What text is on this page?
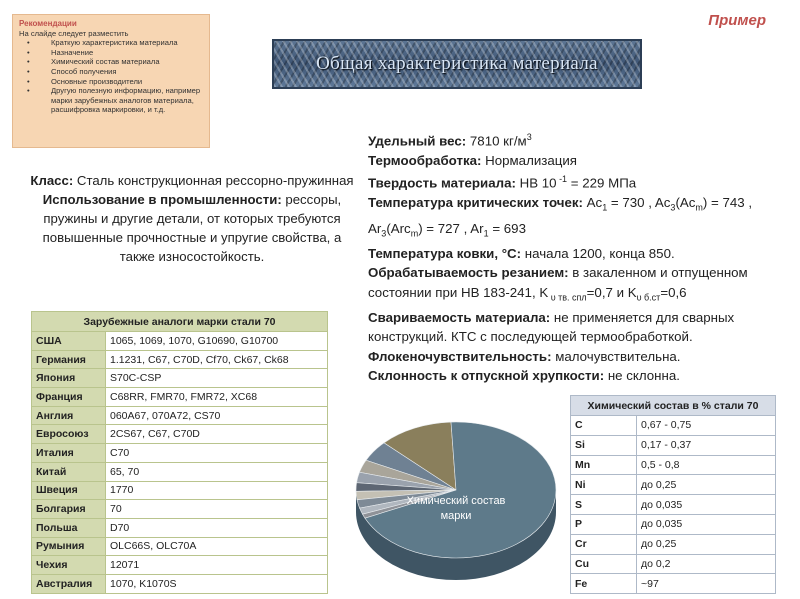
Рекомендации
На слайде следует разместить
• Краткую характеристика материала
• Назначение
• Химический состав материала
• Способ получения
• Основные производители
• Другую полезную информацию, например марки зарубежных аналогов материала, расшифровка маркировки, и т.д.
Пример
Общая характеристика материала
Класс: Сталь конструкционная рессорно-пружинная
Использование в промышленности: рессоры, пружины и другие детали, от которых требуются повышенные прочностные и упругие свойства, а также износостойкость.
Удельный вес: 7810 $кг/м^3$
Термообработка: Нормализация
Твердость материала: HB 10 $^{-1}$ = 229 МПа
Температура критических точек: $Ac_1 = 730$ , $Ac_3(Ac_m) = 743$ , $Ar_3(Arc_m) = 727$ , $Ar_1 = 693$
Температура ковки, °С: начала 1200, конца 850.
Обрабатываемость резанием: в закаленном и отпущенном состоянии при HB 183-241, K $_{\upsilon тв. спл}$=0,7 и $K_{\upsilon б.ст}=0,6$
Свариваемость материала: не применяется для сварных конструкций. КТС с последующей термообработкой.
Флокеночувствительность: малочувствительна.
Склонность к отпускной хрупкости: не склонна.
Зарубежные аналоги марки стали 70	
США	1065, 1069, 1070, G10690, G10700
Германия	1.1231, C67, C70D, Cf70, Ck67, Ck68
Япония	S70C-CSP
Франция	C68RR, FMR70, FMR72, XC68
Англия	060A67, 070A72, CS70
Евросоюз	2CS67, C67, C70D
Италия	C70
Китай	65, 70
Швеция	1770
Болгария	70
Польша	D70
Румыния	OLC66S, OLC70A
Чехия	12071
Австралия	1070, K1070S
Химический состав
марки
Химический состав в % стали 70	
C	0,67 - 0,75
Si	0,17 - 0,37
Mn	0,5 - 0,8
Ni	до 0,25
S	до 0,035
P	до 0,035
Cr	до 0,25
Cu	до 0,2
Fe	~97
